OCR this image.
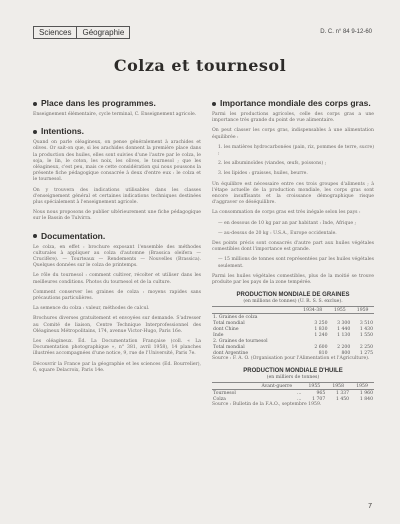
Sciences	Géographie	D. C. n° 84 9-12-60
Colza et tournesol
Place dans les programmes.

Enseignement élémentaire, cycle terminal, C. Enseignement agricole.

Intentions.

Quand on parle oléagineux, on pense généralement à arachides et olives. Or sait-on que, si les arachides donnent la première place dans la production des huiles, elles sont suivies d'une l'autre par le colza, le soja, le lin, le coton, les noix, les olives, le tournesol ; que les oléagineux, c'est peu, mais ce cette considération qui nous poussons la présente fiche pédagogique consacrée à deux d'entre eux : le colza et le tournesol.

On y trouvera des indications utilisables dans les classes d'enseignement général et certaines indications techniques destinées plus spécialement à l'enseignement agricole.

Nous nous proposons de publier ultérieurement une fiche pédagogique sur le Bassin de Tulvirra.

Documentation.

Le colza, en effet : brochure exposant l'ensemble des méthodes culturales à appliquer au colza d'automne (Brassica oleifera — Crucifère). — Tourteaux — Rendements — Nouvelles (Brassica). Quelques données sur le colza de printemps.

Le rôle du tournesol : comment cultiver, récolter et utiliser dans les meilleures conditions. Photos du tournesol et de la culture.

Comment conserver les graines de colza : moyens rapides sans précautions particulières.

La semence du colza : valeur, méthodes de calcul.

Brochures diverses gratuitement et envoyées sur demande. S'adresser au Comité de liaison, Centre Technique Interprofessionnel des Oléagineux Métropolitains, 174, avenue Victor-Hugo, Paris 16e.

Les oléagineux. Éd. La Documentation Française (coll. « La Documentation photographique », n° 381, avril 1958), 14 planches illustrées accompagnées d'une notice, 9, rue de l'Université, Paris 7e.

Découvrir la France par la géographie et les sciences (Ed. Bourrelier), 6, square Delacroix, Paris 14e.

Importance mondiale des corps gras.

Parmi les productions agricoles, celle des corps gras a une importance très grande du point de vue alimentaire.

On peut classer les corps gras, indispensables à une alimentation équilibrée :

1. les matières hydrocarbonées (pain, riz, pommes de terre, sucre) ;

2. les albuminoïdes (viandes, œufs, poissons) ;

3. les lipides : graisses, huiles, beurre.

Un équilibre est nécessaire entre ces trois groupes d'aliments ; à l'étape actuelle de la production mondiale, les corps gras sont encore insuffisants et la croissance démographique risque d'aggraver ce déséquilibre.

La consommation de corps gras est très inégale selon les pays :

— en dessous de 10 kg par an par habitant : Inde, Afrique ;

— au-dessus de 20 kg : U.S.A., Europe occidentale.

Des points précis sont consacrés d'autre part aux huiles végétales comestibles dont l'importance est grande.

— 15 millions de tonnes sont représentées par les huiles végétales seulement.

Parmi les huiles végétales comestibles, plus de la moitié se trouve produite par les pays de la zone tempérée.

PRODUCTION MONDIALE DE GRAINES
(en millions de tonnes) (U. R. S. S. exclue).
	1934-38	1955	1959
1. Graines de colza			
Total mondial	3 250	3 300	3 510
dont Chine	1 830	1 440	1 430
Inde	1 240	1 130	1 550
2. Graines de tournesol			
Total mondial	2 600	2 200	2 250
dont Argentine	810	800	1 275

Source : F. A. O. (Organisation pour l'Alimentation et l'Agriculture).

PRODUCTION MONDIALE D'HUILE
(en milliers de tonnes)
	Avant-guerre	1955	1958	1959
Tournesol	...	965	1 337	1 960
Colza	...	1 707	1 450	1 840

Source : Bulletin de la F.A.O., septembre 1959.

7
